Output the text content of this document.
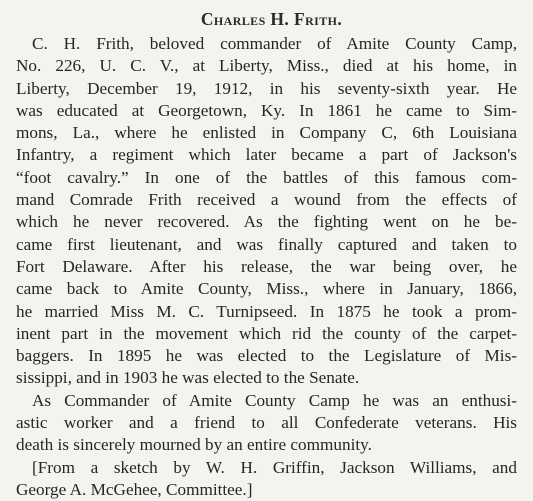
Charles H. Frith.
C. H. Frith, beloved commander of Amite County Camp,
No. 226, U. C. V., at Liberty, Miss., died at his home, in
Liberty, December 19, 1912, in his seventy-sixth year. He
was educated at Georgetown, Ky. In 1861 he came to Sim-
mons, La., where he enlisted in Company C, 6th Louisiana
Infantry, a regiment which later became a part of Jackson's
“foot cavalry.” In one of the battles of this famous com-
mand Comrade Frith received a wound from the effects of
which he never recovered. As the fighting went on he be-
came first lieutenant, and was finally captured and taken to
Fort Delaware. After his release, the war being over, he
came back to Amite County, Miss., where in January, 1866,
he married Miss M. C. Turnipseed. In 1875 he took a prom-
inent part in the movement which rid the county of the carpet-
baggers. In 1895 he was elected to the Legislature of Mis-
sissippi, and in 1903 he was elected to the Senate.
As Commander of Amite County Camp he was an enthusi-
astic worker and a friend to all Confederate veterans. His
death is sincerely mourned by an entire community.
[From a sketch by W. H. Griffin, Jackson Williams, and
George A. McGehee, Committee.]
